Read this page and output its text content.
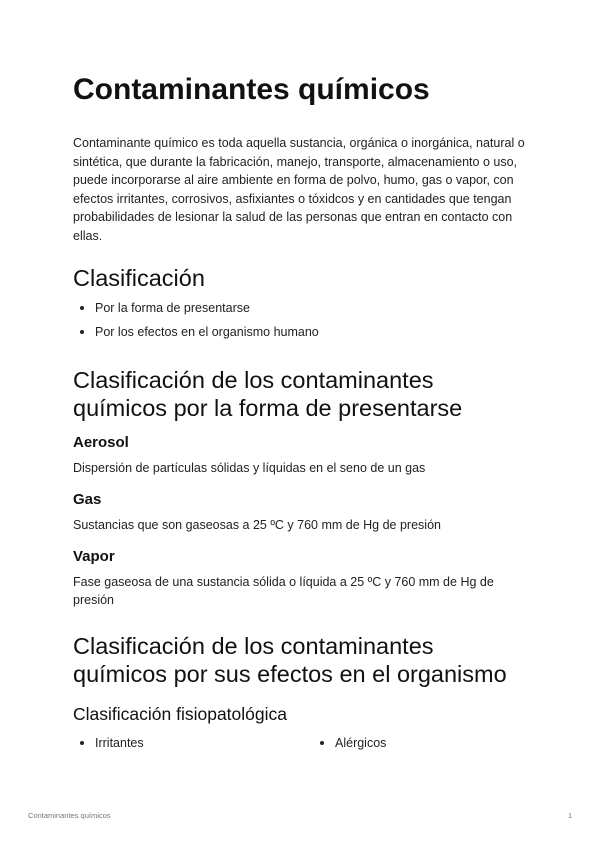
Contaminantes químicos

Contaminante químico es toda aquella sustancia, orgánica o inorgánica, natural o sintética, que durante la fabricación, manejo, transporte, almacenamiento o uso, puede incorporarse al aire ambiente en forma de polvo, humo, gas o vapor, con efectos irritantes, corrosivos, asfixiantes o tóxidcos y en cantidades que tengan probabilidades de lesionar la salud de las personas que entran en contacto con ellas.

Clasificación
Por la forma de presentarse
Por los efectos en el organismo humano
Clasificación de los contaminantes
químicos por la forma de presentarse
Aerosol

Dispersión de partículas sólidas y líquidas en el seno de un gas

Gas

Sustancias que son gaseosas a 25 ºC y 760 mm de Hg de presión

Vapor

Fase gaseosa de una sustancia sólida o líquida a 25 ºC y 760 mm de Hg de presión

Clasificación de los contaminantes
químicos por sus efectos en el organismo
Clasificación fisiopatológica
Irritantes	Alérgicos
Contaminantes químicos	1
